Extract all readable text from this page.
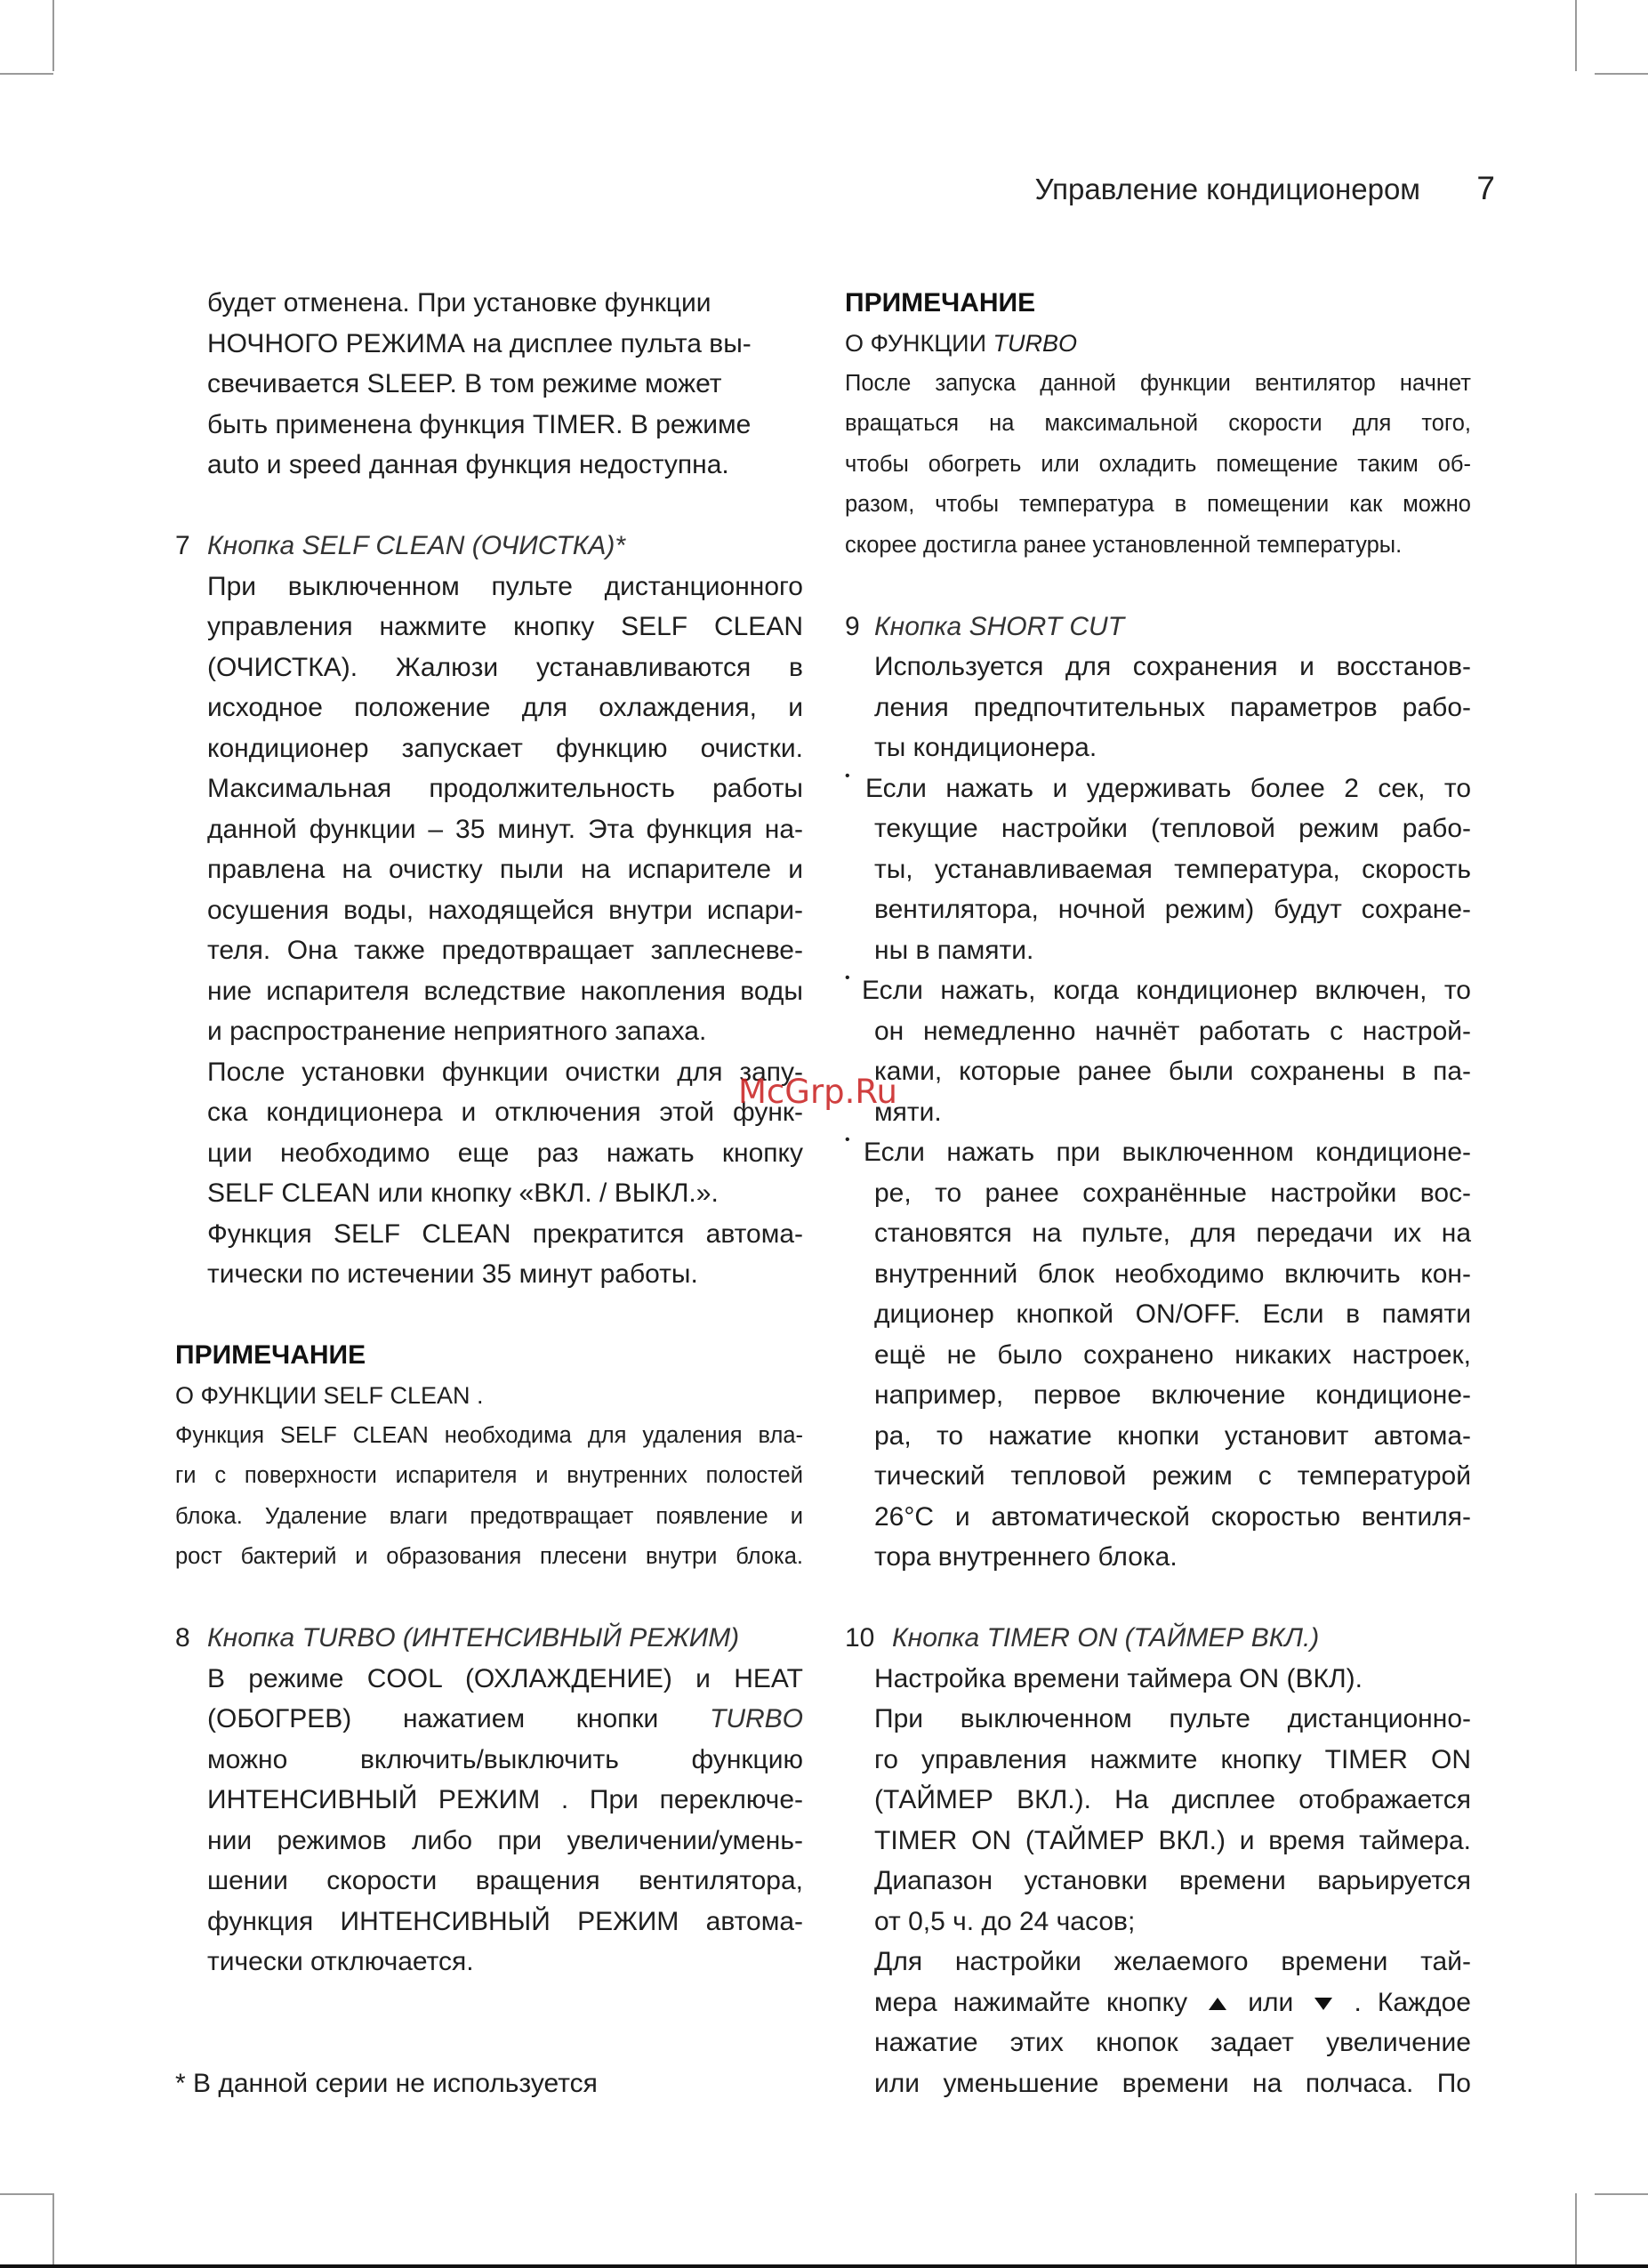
Управление кондиционером 7

будет отменена. При установке функции

НОЧНОГО РЕЖИМА на дисплее пульта вы-

свечивается SLEEP. В том режиме может

быть применена функция TIMER. В режиме

auto и speed данная функция недоступна.

7 Кнопка SELF CLEAN (ОЧИСТКА)*

При выключенном пульте дистанционного

управления нажмите кнопку SELF CLEAN

(ОЧИСТКА). Жалюзи устанавливаются в

исходное положение для охлаждения, и

кондиционер запускает функцию очистки.

Максимальная продолжительность работы

данной функции – 35 минут. Эта функция на-

правлена на очистку пыли на испарителе и

осушения воды, находящейся внутри испари-

теля. Она также предотвращает заплесневе-

ние испарителя вследствие накопления воды

и распространение неприятного запаха.

После установки функции очистки для запу-

ска кондиционера и отключения этой функ-

ции необходимо еще раз нажать кнопку

SELF CLEAN или кнопку «ВКЛ. / ВЫКЛ.».

Функция SELF CLEAN прекратится автома-

тически по истечении 35 минут работы.

ПРИМЕЧАНИЕ

О ФУНКЦИИ SELF CLEAN .

Функция SELF CLEAN необходима для удаления вла-

ги с поверхности испарителя и внутренних полостей

блока. Удаление влаги предотвращает появление и

рост бактерий и образования плесени внутри блока.

8 Кнопка TURBO (ИНТЕНСИВНЫЙ РЕЖИМ)

В режиме COOL (ОХЛАЖДЕНИЕ) и HEAT

(ОБОГРЕВ) нажатием кнопки TURBO

можно включить/выключить функцию

ИНТЕНСИВНЫЙ РЕЖИМ . При переключе-

нии режимов либо при увеличении/умень-

шении скорости вращения вентилятора,

функция ИНТЕНСИВНЫЙ РЕЖИМ автома-

тически отключается.

* В данной серии не используется

ПРИМЕЧАНИЕ

О ФУНКЦИИ TURBO

После запуска данной функции вентилятор начнет

вращаться на максимальной скорости для того,

чтобы обогреть или охладить помещение таким об-

разом, чтобы температура в помещении как можно

скорее достигла ранее установленной температуры.

9 Кнопка SHORT CUT

Используется для сохранения и восстанов-

ления предпочтительных параметров рабо-

ты кондиционера.

• Если нажать и удерживать более 2 сек, то

текущие настройки (тепловой режим рабо-

ты, устанавливаемая температура, скорость

вентилятора, ночной режим) будут сохране-

ны в памяти.

• Если нажать, когда кондиционер включен, то

он немедленно начнёт работать с настрой-

ками, которые ранее были сохранены в па-

мяти.

• Если нажать при выключенном кондиционе-

ре, то ранее сохранённые настройки вос-

становятся на пульте, для передачи их на

внутренний блок необходимо включить кон-

диционер кнопкой ON/OFF. Если в памяти

ещё не было сохранено никаких настроек,

например, первое включение кондиционе-

ра, то нажатие кнопки установит автома-

тический тепловой режим с температурой

26°С и автоматической скоростью вентиля-

тора внутреннего блока.

10 Кнопка TIMER ON (ТАЙМЕР ВКЛ.)

Настройка времени таймера ON (ВКЛ).

При выключенном пульте дистанционно-

го управления нажмите кнопку TIMER ON

(ТАЙМЕР ВКЛ.). На дисплее отображается

TIMER ON (ТАЙМЕР ВКЛ.) и время таймера.

Диапазон установки времени варьируется

от 0,5 ч. до 24 часов;

Для настройки желаемого времени тай-

мера нажимайте кнопку  или  . Каждое

нажатие этих кнопок задает увеличение

или уменьшение времени на полчаса. По

McGrp.Ru
